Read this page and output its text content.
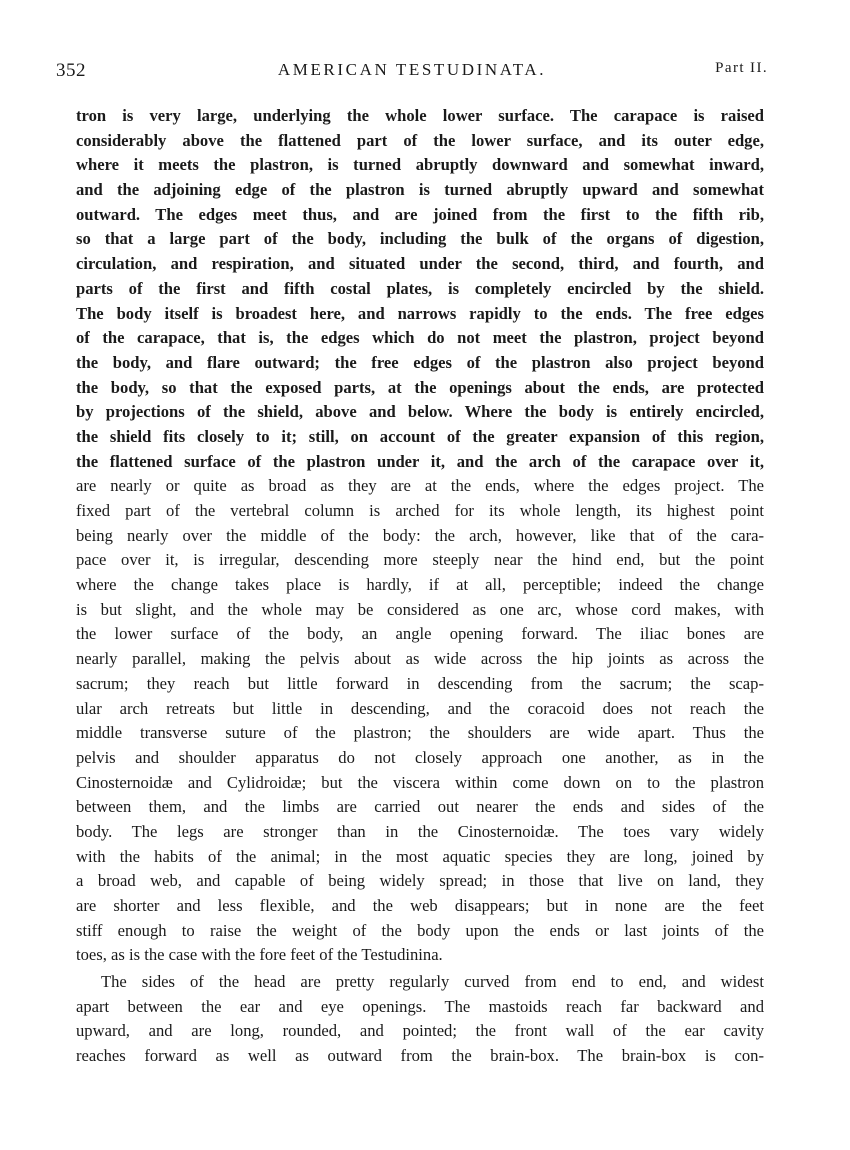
352	AMERICAN TESTUDINATA.	Part II.
tron is very large, underlying the whole lower surface. The carapace is raised
considerably above the flattened part of the lower surface, and its outer edge,
where it meets the plastron, is turned abruptly downward and somewhat inward,
and the adjoining edge of the plastron is turned abruptly upward and somewhat
outward. The edges meet thus, and are joined from the first to the fifth rib,
so that a large part of the body, including the bulk of the organs of digestion,
circulation, and respiration, and situated under the second, third, and fourth, and
parts of the first and fifth costal plates, is completely encircled by the shield.
The body itself is broadest here, and narrows rapidly to the ends. The free edges
of the carapace, that is, the edges which do not meet the plastron, project beyond
the body, and flare outward; the free edges of the plastron also project beyond
the body, so that the exposed parts, at the openings about the ends, are protected
by projections of the shield, above and below. Where the body is entirely encircled,
the shield fits closely to it; still, on account of the greater expansion of this region,
the flattened surface of the plastron under it, and the arch of the carapace over it,
are nearly or quite as broad as they are at the ends, where the edges project. The
fixed part of the vertebral column is arched for its whole length, its highest point
being nearly over the middle of the body: the arch, however, like that of the cara-
pace over it, is irregular, descending more steeply near the hind end, but the point
where the change takes place is hardly, if at all, perceptible; indeed the change
is but slight, and the whole may be considered as one arc, whose cord makes, with
the lower surface of the body, an angle opening forward. The iliac bones are
nearly parallel, making the pelvis about as wide across the hip joints as across the
sacrum; they reach but little forward in descending from the sacrum; the scap-
ular arch retreats but little in descending, and the coracoid does not reach the
middle transverse suture of the plastron; the shoulders are wide apart. Thus the
pelvis and shoulder apparatus do not closely approach one another, as in the
Cinosternoidæ and Cylidroidæ; but the viscera within come down on to the plastron
between them, and the limbs are carried out nearer the ends and sides of the
body. The legs are stronger than in the Cinosternoidæ. The toes vary widely
with the habits of the animal; in the most aquatic species they are long, joined by
a broad web, and capable of being widely spread; in those that live on land, they
are shorter and less flexible, and the web disappears; but in none are the feet
stiff enough to raise the weight of the body upon the ends or last joints of the
toes, as is the case with the fore feet of the Testudinina.
The sides of the head are pretty regularly curved from end to end, and widest
apart between the ear and eye openings. The mastoids reach far backward and
upward, and are long, rounded, and pointed; the front wall of the ear cavity
reaches forward as well as outward from the brain-box. The brain-box is con-
